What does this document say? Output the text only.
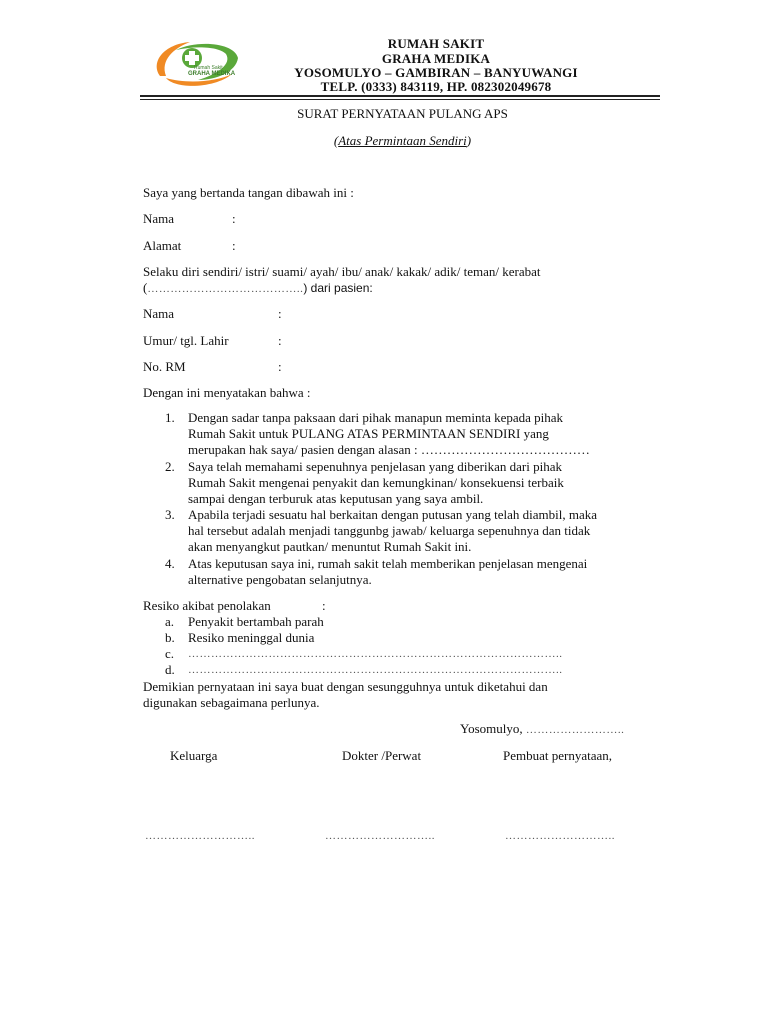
Rumah Sakit
GRAHA MEDIKA
RUMAH SAKIT
GRAHA MEDIKA
YOSOMULYO – GAMBIRAN – BANYUWANGI
TELP. (0333) 843119, HP. 082302049678
SURAT PERNYATAAN PULANG APS
(Atas Permintaan Sendiri)
Saya yang bertanda tangan dibawah ini :
Nama	:
Alamat	:
Selaku diri sendiri/ istri/ suami/ ayah/ ibu/ anak/ kakak/ adik/ teman/ kerabat
(…………………………………..) dari pasien:
Nama	:
Umur/ tgl. Lahir	:
No. RM	:
Dengan ini menyatakan bahwa :
1.	Dengan sadar tanpa paksaan dari pihak manapun meminta kepada pihak
Rumah Sakit untuk PULANG ATAS PERMINTAAN SENDIRI yang
merupakan hak saya/ pasien dengan alasan : …………………………………
2.	Saya telah memahami sepenuhnya penjelasan yang diberikan dari pihak
Rumah Sakit mengenai penyakit dan kemungkinan/ konsekuensi terbaik
sampai dengan terburuk atas keputusan yang saya ambil.
3.	Apabila terjadi sesuatu hal berkaitan dengan putusan yang telah diambil, maka
hal tersebut adalah menjadi tanggunbg jawab/ keluarga sepenuhnya dan tidak
akan menyangkut pautkan/ menuntut Rumah Sakit ini.
4.	Atas keputusan saya ini, rumah sakit telah memberikan penjelasan mengenai
alternative pengobatan selanjutnya.
Resiko akibat penolakan	:
a. Penyakit bertambah parah
b. Resiko meninggal dunia
c. ……………………………………………………………………………………..
d. ……………………………………………………………………………………..
Demikian pernyataan ini saya buat dengan sesungguhnya untuk diketahui dan
digunakan sebagaimana perlunya.
Yosomulyo, ……………………..
Keluarga	Dokter /Perwat	Pembuat pernyataan,
………………………..	………………………..	………………………..
